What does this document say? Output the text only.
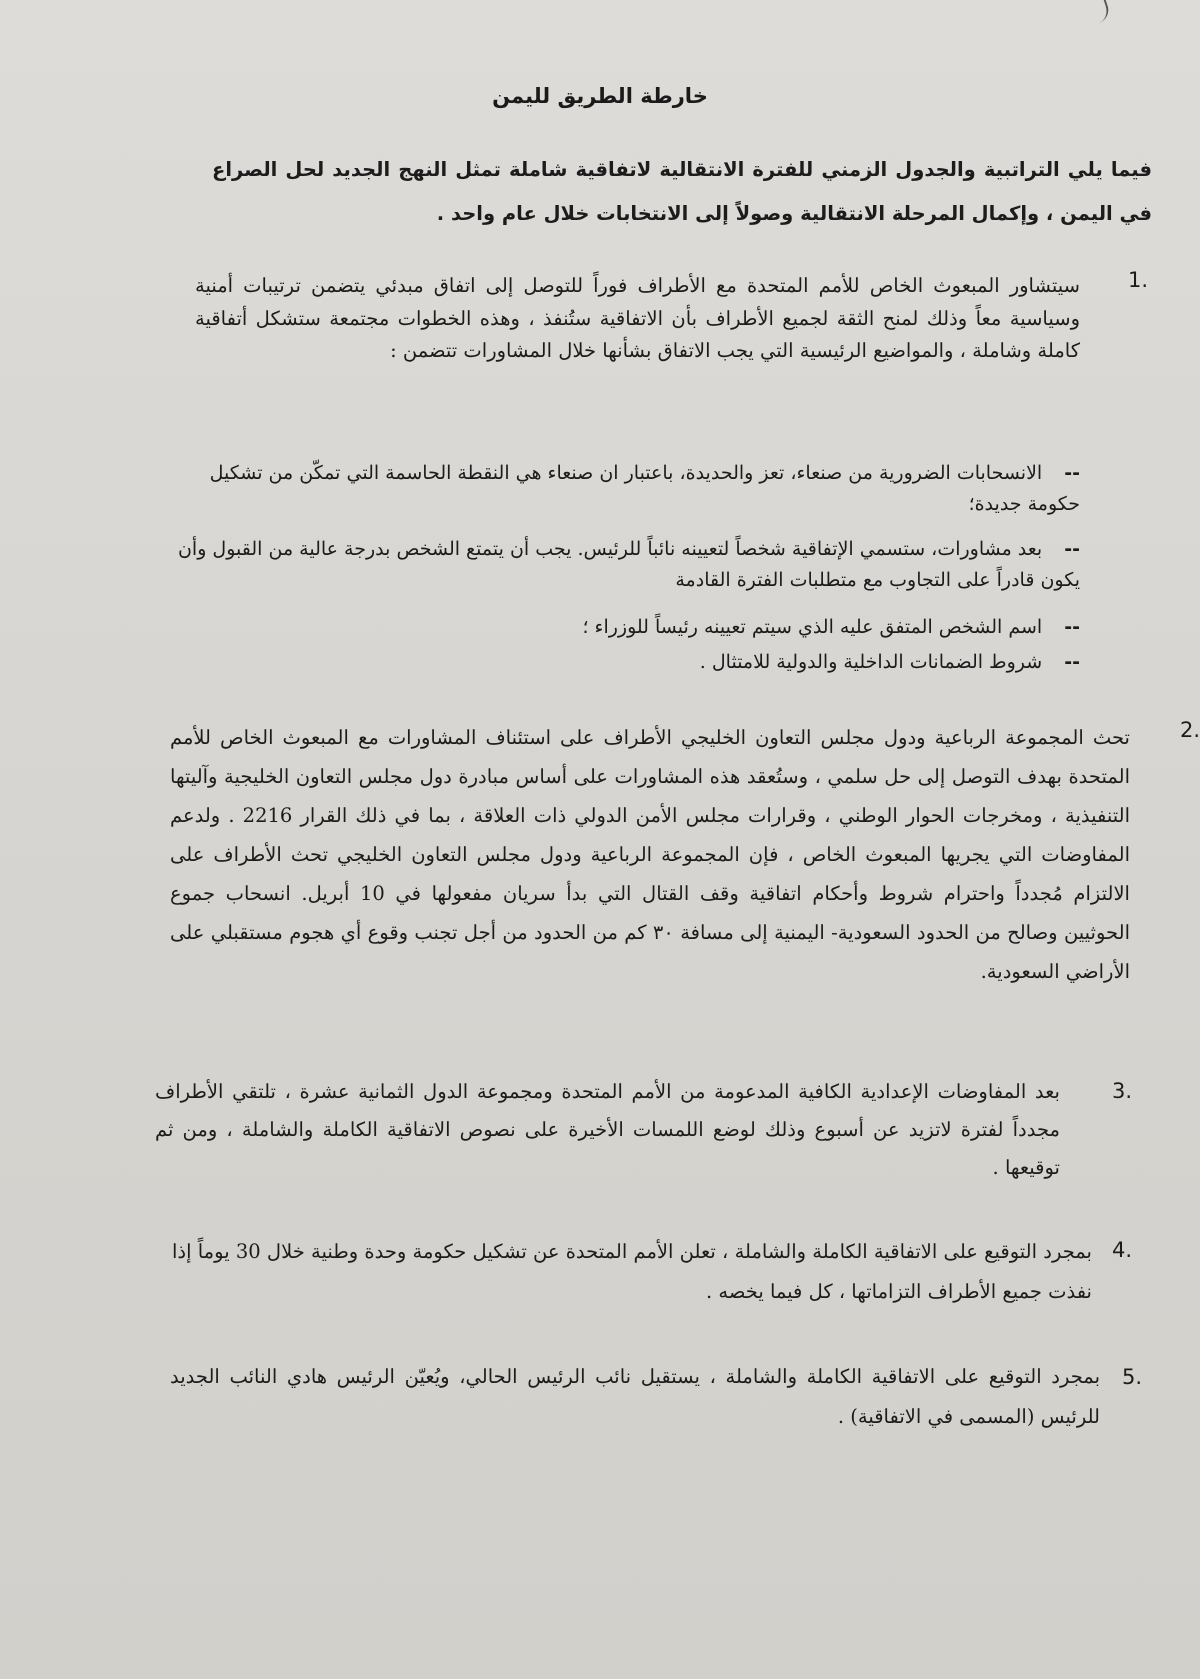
خارطة الطريق لليمن
فيما يلي التراتبية والجدول الزمني للفترة الانتقالية لاتفاقية شاملة تمثل النهج الجديد لحل الصراع في اليمن ، وإكمال المرحلة الانتقالية وصولاً إلى الانتخابات خلال عام واحد .
1.
سيتشاور المبعوث الخاص للأمم المتحدة مع الأطراف فوراً للتوصل إلى اتفاق مبدئي يتضمن ترتيبات أمنية وسياسية معاً وذلك لمنح الثقة لجميع الأطراف بأن الاتفاقية ستُنفذ ، وهذه الخطوات مجتمعة ستشكل أتفاقية كاملة وشاملة ، والمواضيع الرئيسية التي يجب الاتفاق بشأنها خلال المشاورات تتضمن :
--الانسحابات الضرورية من صنعاء، تعز والحديدة، باعتبار ان صنعاء هي النقطة الحاسمة التي تمكّن من تشكيل حكومة جديدة؛
--بعد مشاورات، ستسمي الإتفاقية شخصاً لتعيينه نائباً للرئيس. يجب أن يتمتع الشخص بدرجة عالية من القبول وأن يكون قادراً على التجاوب مع متطلبات الفترة القادمة
--اسم الشخص المتفق عليه الذي سيتم تعيينه رئيساً للوزراء ؛
--شروط الضمانات الداخلية والدولية للامتثال .
2.
تحث المجموعة الرباعية ودول مجلس التعاون الخليجي الأطراف على استئناف المشاورات مع المبعوث الخاص للأمم المتحدة بهدف التوصل إلى حل سلمي ، وستُعقد هذه المشاورات على أساس مبادرة دول مجلس التعاون الخليجية وآليتها التنفيذية ، ومخرجات الحوار الوطني ، وقرارات مجلس الأمن الدولي ذات العلاقة ، بما في ذلك القرار 2216 . ولدعم المفاوضات التي يجريها المبعوث الخاص ، فإن المجموعة الرباعية ودول مجلس التعاون الخليجي تحث الأطراف على الالتزام مُجدداً واحترام شروط وأحكام اتفاقية وقف القتال التي بدأ سريان مفعولها في 10 أبريل. انسحاب جموع الحوثيين وصالح من الحدود السعودية- اليمنية إلى مسافة ٣٠ كم من الحدود من أجل تجنب وقوع أي هجوم مستقبلي على الأراضي السعودية.
3.
بعد المفاوضات الإعدادية الكافية المدعومة من الأمم المتحدة ومجموعة الدول الثمانية عشرة ، تلتقي الأطراف مجدداً لفترة لاتزيد عن أسبوع وذلك لوضع اللمسات الأخيرة على نصوص الاتفاقية الكاملة والشاملة ، ومن ثم توقيعها .
4.
بمجرد التوقيع على الاتفاقية الكاملة والشاملة ، تعلن الأمم المتحدة عن تشكيل حكومة وحدة وطنية خلال 30 يوماً إذا نفذت جميع الأطراف التزاماتها ، كل فيما يخصه .
5.
بمجرد التوقيع على الاتفاقية الكاملة والشاملة ، يستقيل نائب الرئيس الحالي، ويُعيّن الرئيس هادي النائب الجديد للرئيس (المسمى في الاتفاقية) .
